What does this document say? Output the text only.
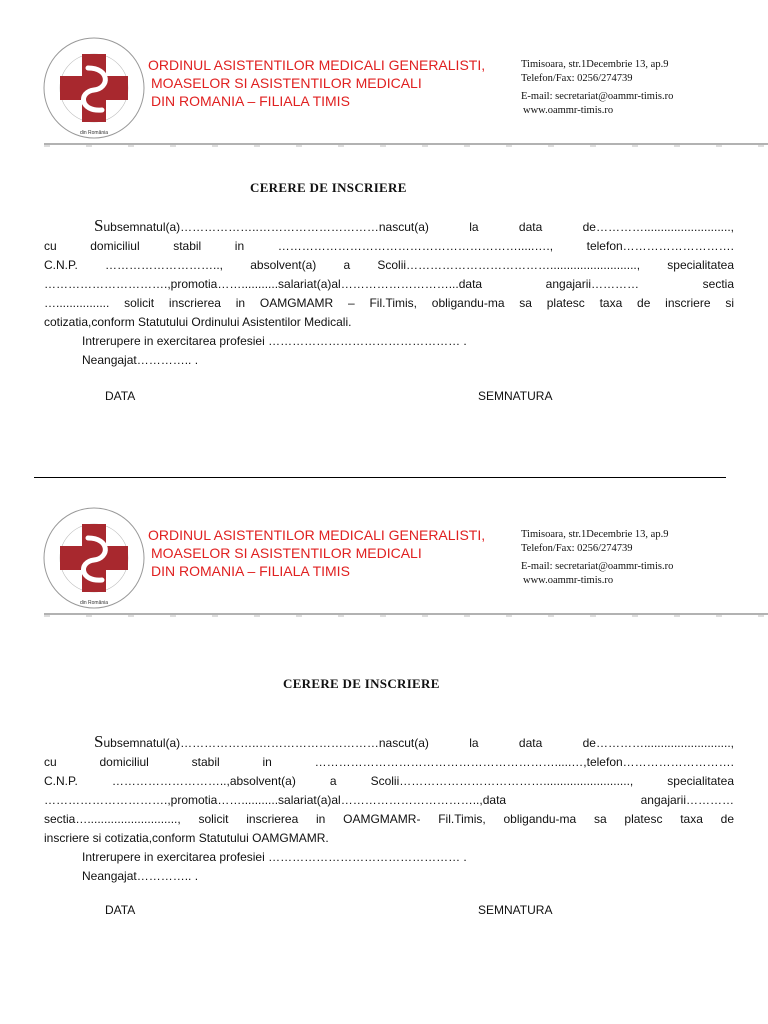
din România
ORDINUL ASISTENTILOR MEDICALI GENERALISTI,
MOASELOR SI ASISTENTILOR MEDICALI
DIN ROMANIA – FILIALA TIMIS
Timisoara, str.1Decembrie 13, ap.9
Telefon/Fax: 0256/274739
E-mail: secretariat@oammr-timis.ro
www.oammr-timis.ro
CERERE DE INSCRIERE
Subsemnatul(a)………………..…………………………nascut(a) la data de…………..........................,
cu domiciliul stabil in …………………………………………………….....…., telefon……………………….
C.N.P. ……………………….., absolvent(a) a Scolii……………………………….........................., specialitatea
………………………….,promotia……...........salariat(a)al………………………...data angajarii………… sectia
…................ solicit inscrierea in OAMGMAMR – Fil.Timis, obligandu-ma sa platesc taxa de inscriere si
cotizatia,conform Statutului Ordinului Asistentilor Medicali.
Intrerupere in exercitarea profesiei ………………………………………… .
Neangajat………….. .
DATA	SEMNATURA
din România
ORDINUL ASISTENTILOR MEDICALI GENERALISTI,
MOASELOR SI ASISTENTILOR MEDICALI
DIN ROMANIA – FILIALA TIMIS
Timisoara, str.1Decembrie 13, ap.9
Telefon/Fax: 0256/274739
E-mail: secretariat@oammr-timis.ro
www.oammr-timis.ro
CERERE DE INSCRIERE
Subsemnatul(a)………………..…………………………nascut(a) la data de…………..........................,
cu domiciliul stabil in …………………………………………………….....…,telefon……………………….
C.N.P. ………………………..,absolvent(a) a Scolii……………………………….........................., specialitatea
………………………….,promotia……...........salariat(a)al……………………………..,data angajarii…………
sectia…..........................., solicit inscrierea in OAMGMAMR- Fil.Timis, obligandu-ma sa platesc taxa de
inscriere si cotizatia,conform Statutului OAMGMAMR.
Intrerupere in exercitarea profesiei ………………………………………… .
Neangajat………….. .
DATA	SEMNATURA
